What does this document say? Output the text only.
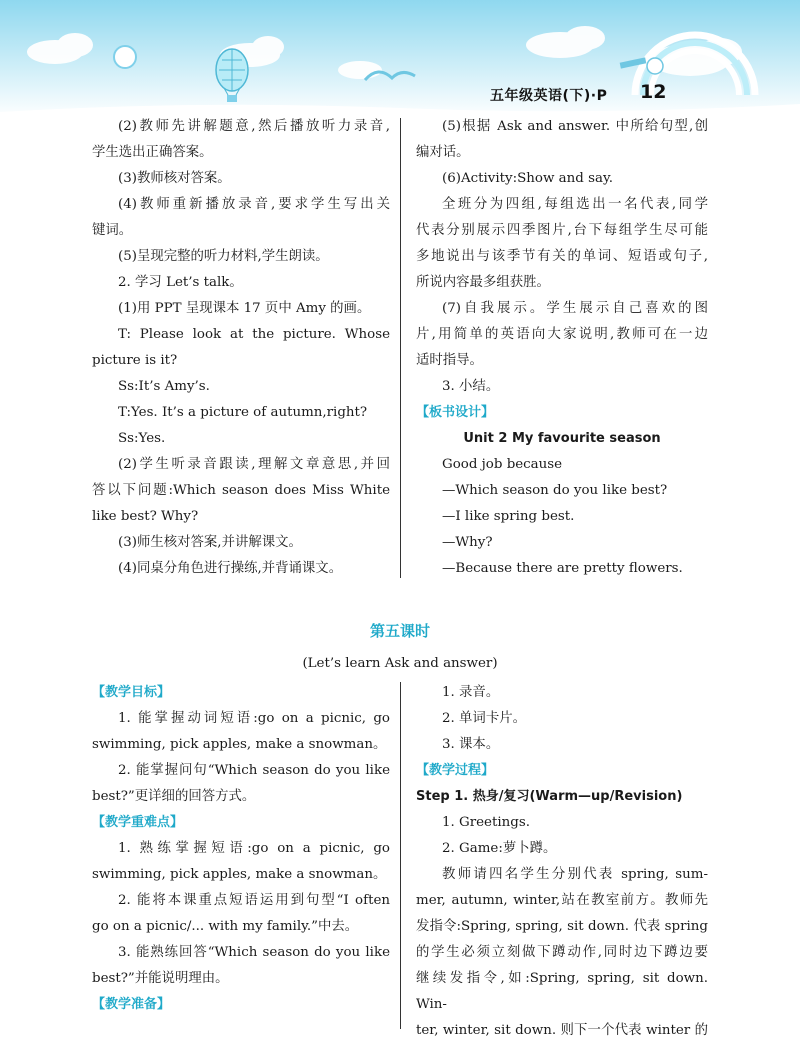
五年级英语(下)·P 12

(2)教师先讲解题意,然后播放听力录音,

学生选出正确答案。

(3)教师核对答案。

(4)教师重新播放录音,要求学生写出关

键词。

(5)呈现完整的听力材料,学生朗读。

2. 学习 Let’s talk。

(1)用 PPT 呈现课本 17 页中 Amy 的画。

T: Please look at the picture. Whose

picture is it?

Ss:It’s Amy’s.

T:Yes. It’s a picture of autumn,right?

Ss:Yes.

(2)学生听录音跟读,理解文章意思,并回

答以下问题:Which season does Miss White

like best? Why?

(3)师生核对答案,并讲解课文。

(4)同桌分角色进行操练,并背诵课文。

(5)根据 Ask and answer. 中所给句型,创

编对话。

(6)Activity:Show and say.

全班分为四组,每组选出一名代表,同学

代表分别展示四季图片,台下每组学生尽可能

多地说出与该季节有关的单词、短语或句子,

所说内容最多组获胜。

(7)自我展示。学生展示自己喜欢的图

片,用简单的英语向大家说明,教师可在一边

适时指导。

3. 小结。

【板书设计】

Unit 2 My favourite season

Good job because

—Which season do you like best?

—I like spring best.

—Why?

—Because there are pretty flowers.

第五课时
(Let’s learn Ask and answer)

【教学目标】

1. 能掌握动词短语:go on a picnic, go

swimming, pick apples, make a snowman。

2. 能掌握问句“Which season do you like

best?”更详细的回答方式。

【教学重难点】

1. 熟练掌握短语:go on a picnic, go

swimming, pick apples, make a snowman。

2. 能将本课重点短语运用到句型“I often

go on a picnic/... with my family.”中去。

3. 能熟练回答“Which season do you like

best?”并能说明理由。

【教学准备】

1. 录音。

2. 单词卡片。

3. 课本。

【教学过程】

Step 1. 热身/复习(Warm—up/Revision)

1. Greetings.

2. Game:萝卜蹲。

教师请四名学生分别代表 spring, sum-

mer, autumn, winter,站在教室前方。教师先

发指令:Spring, spring, sit down. 代表 spring

的学生必须立刻做下蹲动作,同时边下蹲边要

继续发指令,如:Spring, spring, sit down. Win-

ter, winter, sit down. 则下一个代表 winter 的
